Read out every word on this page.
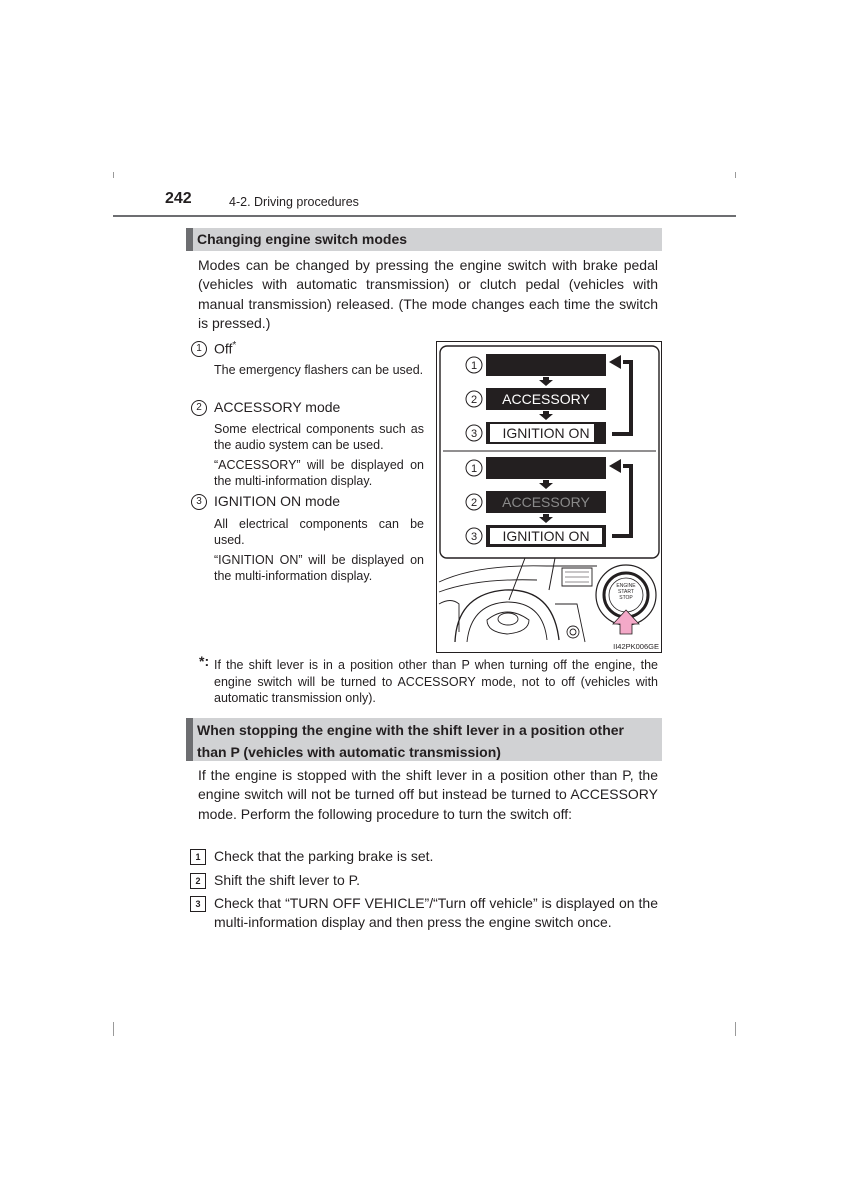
242	4-2. Driving procedures
Changing engine switch modes
Modes can be changed by pressing the engine switch with brake pedal (vehicles with automatic transmission) or clutch pedal (vehicles with manual transmission) released. (The mode changes each time the switch is pressed.)
1 Off*
The emergency flashers can be used.
2 ACCESSORY mode
Some electrical components such as the audio system can be used.
“ACCESSORY” will be displayed on the multi-information display.
3 IGNITION ON mode
All electrical components can be used.
“IGNITION ON” will be displayed on the multi-information display.
1
2 ACCESSORY
3 IGNITION ON
1
2 ACCESSORY
3 IGNITION ON
ENGINE
START
STOP
II42PK006GE
*: If the shift lever is in a position other than P when turning off the engine, the engine switch will be turned to ACCESSORY mode, not to off (vehicles with automatic transmission only).
When stopping the engine with the shift lever in a position other
than P (vehicles with automatic transmission)
If the engine is stopped with the shift lever in a position other than P, the engine switch will not be turned off but instead be turned to ACCESSORY mode. Perform the following procedure to turn the switch off:
1 Check that the parking brake is set.
2 Shift the shift lever to P.
3 Check that “TURN OFF VEHICLE”/“Turn off vehicle” is displayed on the multi-information display and then press the engine switch once.
